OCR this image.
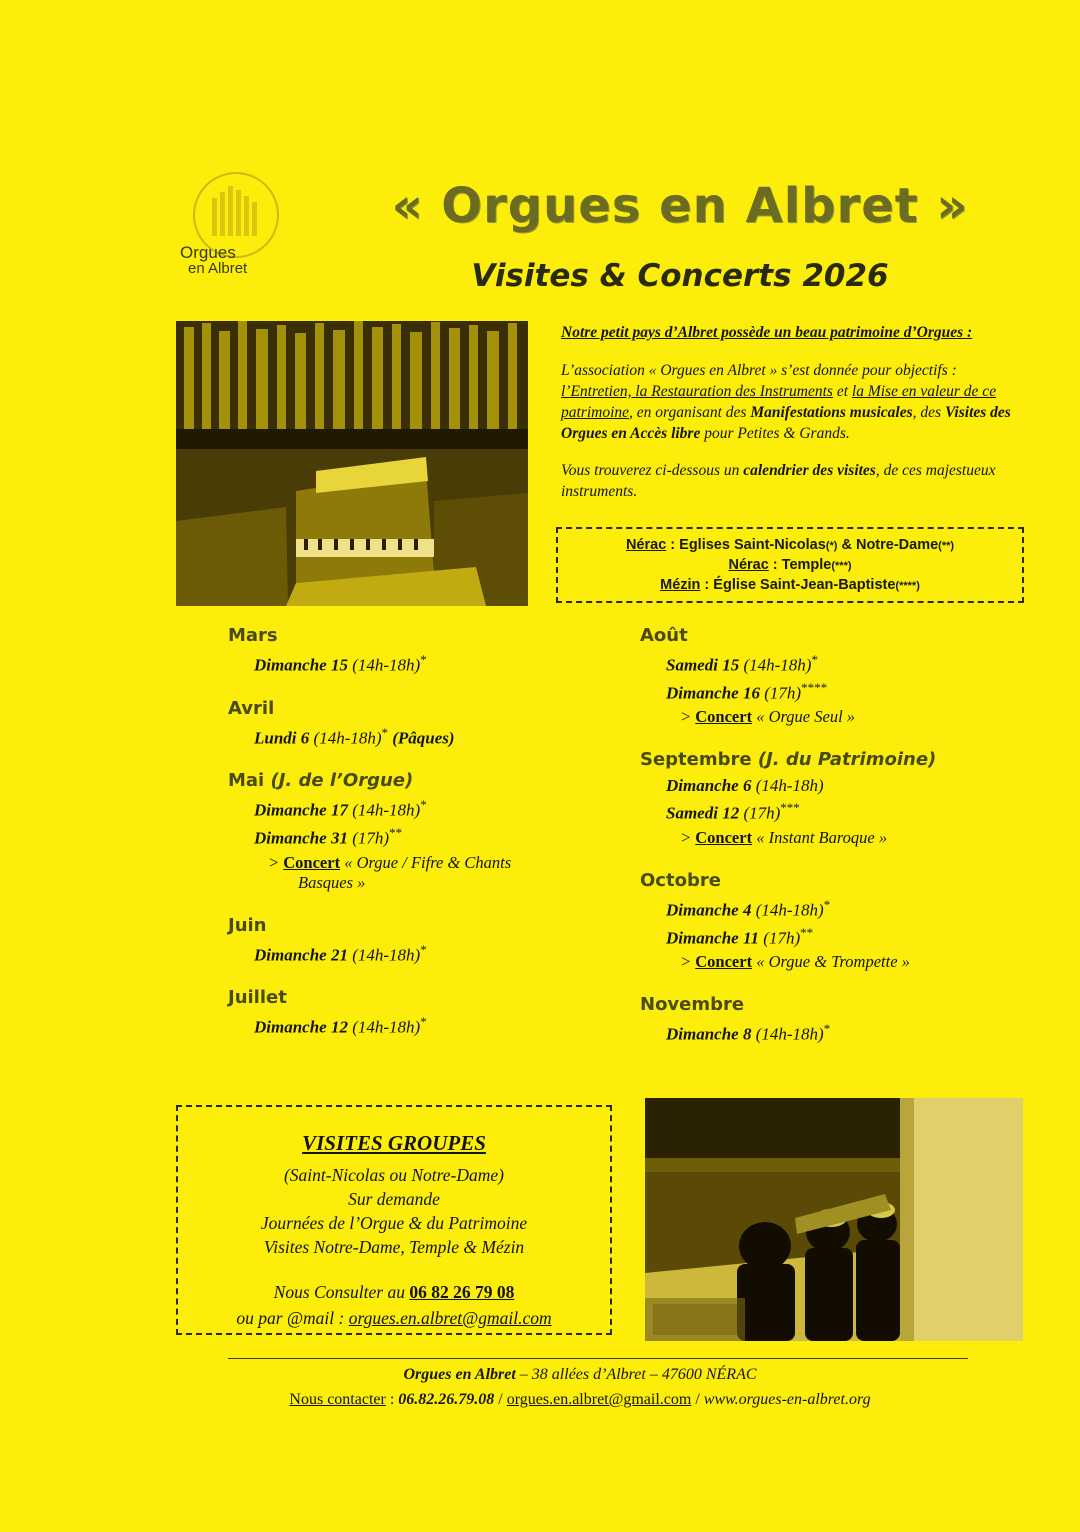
Orgues
en Albret
« Orgues en Albret »
Visites & Concerts 2026
Notre petit pays d’Albret possède un beau patrimoine d’Orgues :

L’association « Orgues en Albret » s’est donnée pour objectifs :
l’Entretien, la Restauration des Instruments et la Mise en valeur de ce patrimoine, en organisant des Manifestations musicales, des Visites des Orgues en Accès libre pour Petites & Grands.

Vous trouverez ci-dessous un calendrier des visites, de ces majestueux instruments.

Nérac : Eglises Saint-Nicolas(*) & Notre-Dame(**)
Nérac : Temple(***)
Mézin : Église Saint-Jean-Baptiste(****)
Mars
Dimanche 15 (14h-18h)*
Avril
Lundi 6 (14h-18h)* (Pâques)
Mai (J. de l’Orgue)
Dimanche 17 (14h-18h)*
Dimanche 31 (17h)**
> Concert « Orgue / Fifre & Chants
Basques »
Juin
Dimanche 21 (14h-18h)*
Juillet
Dimanche 12 (14h-18h)*
Août
Samedi 15 (14h-18h)*
Dimanche 16 (17h)****
> Concert « Orgue Seul »
Septembre (J. du Patrimoine)
Dimanche 6 (14h-18h)
Samedi 12 (17h)***
> Concert « Instant Baroque »
Octobre
Dimanche 4 (14h-18h)*
Dimanche 11 (17h)**
> Concert « Orgue & Trompette »
Novembre
Dimanche 8 (14h-18h)*
VISITES GROUPES
(Saint-Nicolas ou Notre-Dame)
Sur demande
Journées de l’Orgue & du Patrimoine
Visites Notre-Dame, Temple & Mézin
Nous Consulter au 06 82 26 79 08
ou par @mail : orgues.en.albret@gmail.com
Orgues en Albret – 38 allées d’Albret – 47600 NÉRAC
Nous contacter : 06.82.26.79.08 / orgues.en.albret@gmail.com / www.orgues-en-albret.org
